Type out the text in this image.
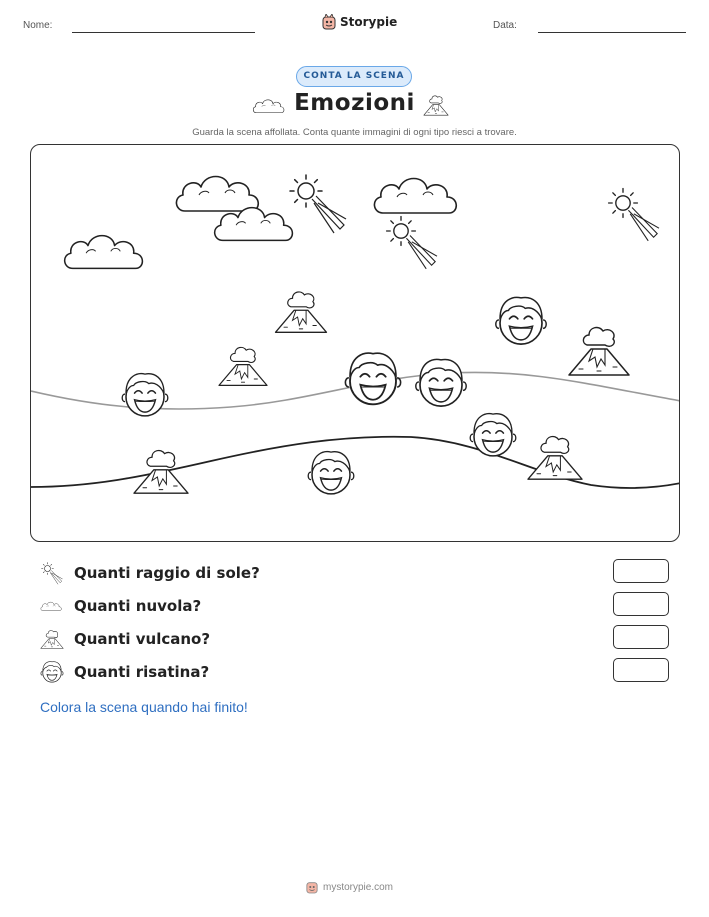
Nome:	Storypie	Data:
CONTA LA SCENA
Emozioni
Guarda la scena affollata. Conta quante immagini di ogni tipo riesci a trovare.
Quanti raggio di sole?
Quanti nuvola?
Quanti vulcano?
Quanti risatina?
Colora la scena quando hai finito!
mystorypie.com
